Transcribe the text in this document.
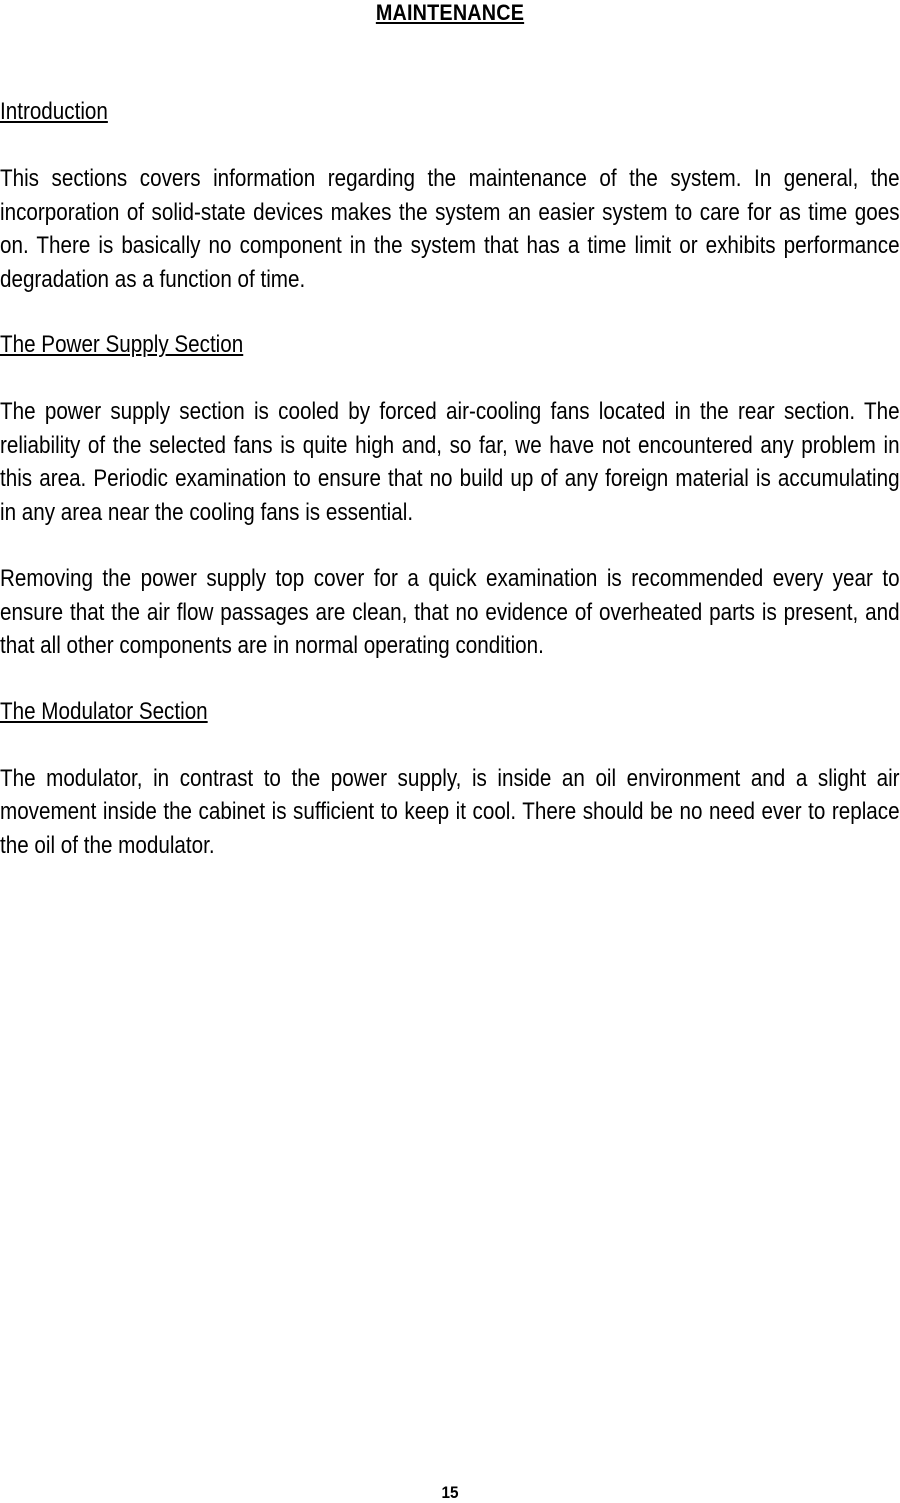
MAINTENANCE
Introduction
This sections covers information regarding the maintenance of the system. In general, the incorporation of solid-state devices makes the system an easier system to care for as time goes on. There is basically no component in the system that has a time limit or exhibits performance degradation as a function of time.
The Power Supply Section
The power supply section is cooled by forced air-cooling fans located in the rear section. The reliability of the selected fans is quite high and, so far, we have not encountered any problem in this area. Periodic examination to ensure that no build up of any foreign material is accumulating in any area near the cooling fans is essential.
Removing the power supply top cover for a quick examination is recommended every year to ensure that the air flow passages are clean, that no evidence of overheated parts is present, and that all other components are in normal operating condition.
The Modulator Section
The modulator, in contrast to the power supply, is inside an oil environment and a slight air movement inside the cabinet is sufficient to keep it cool. There should be no need ever to replace the oil of the modulator.
15
